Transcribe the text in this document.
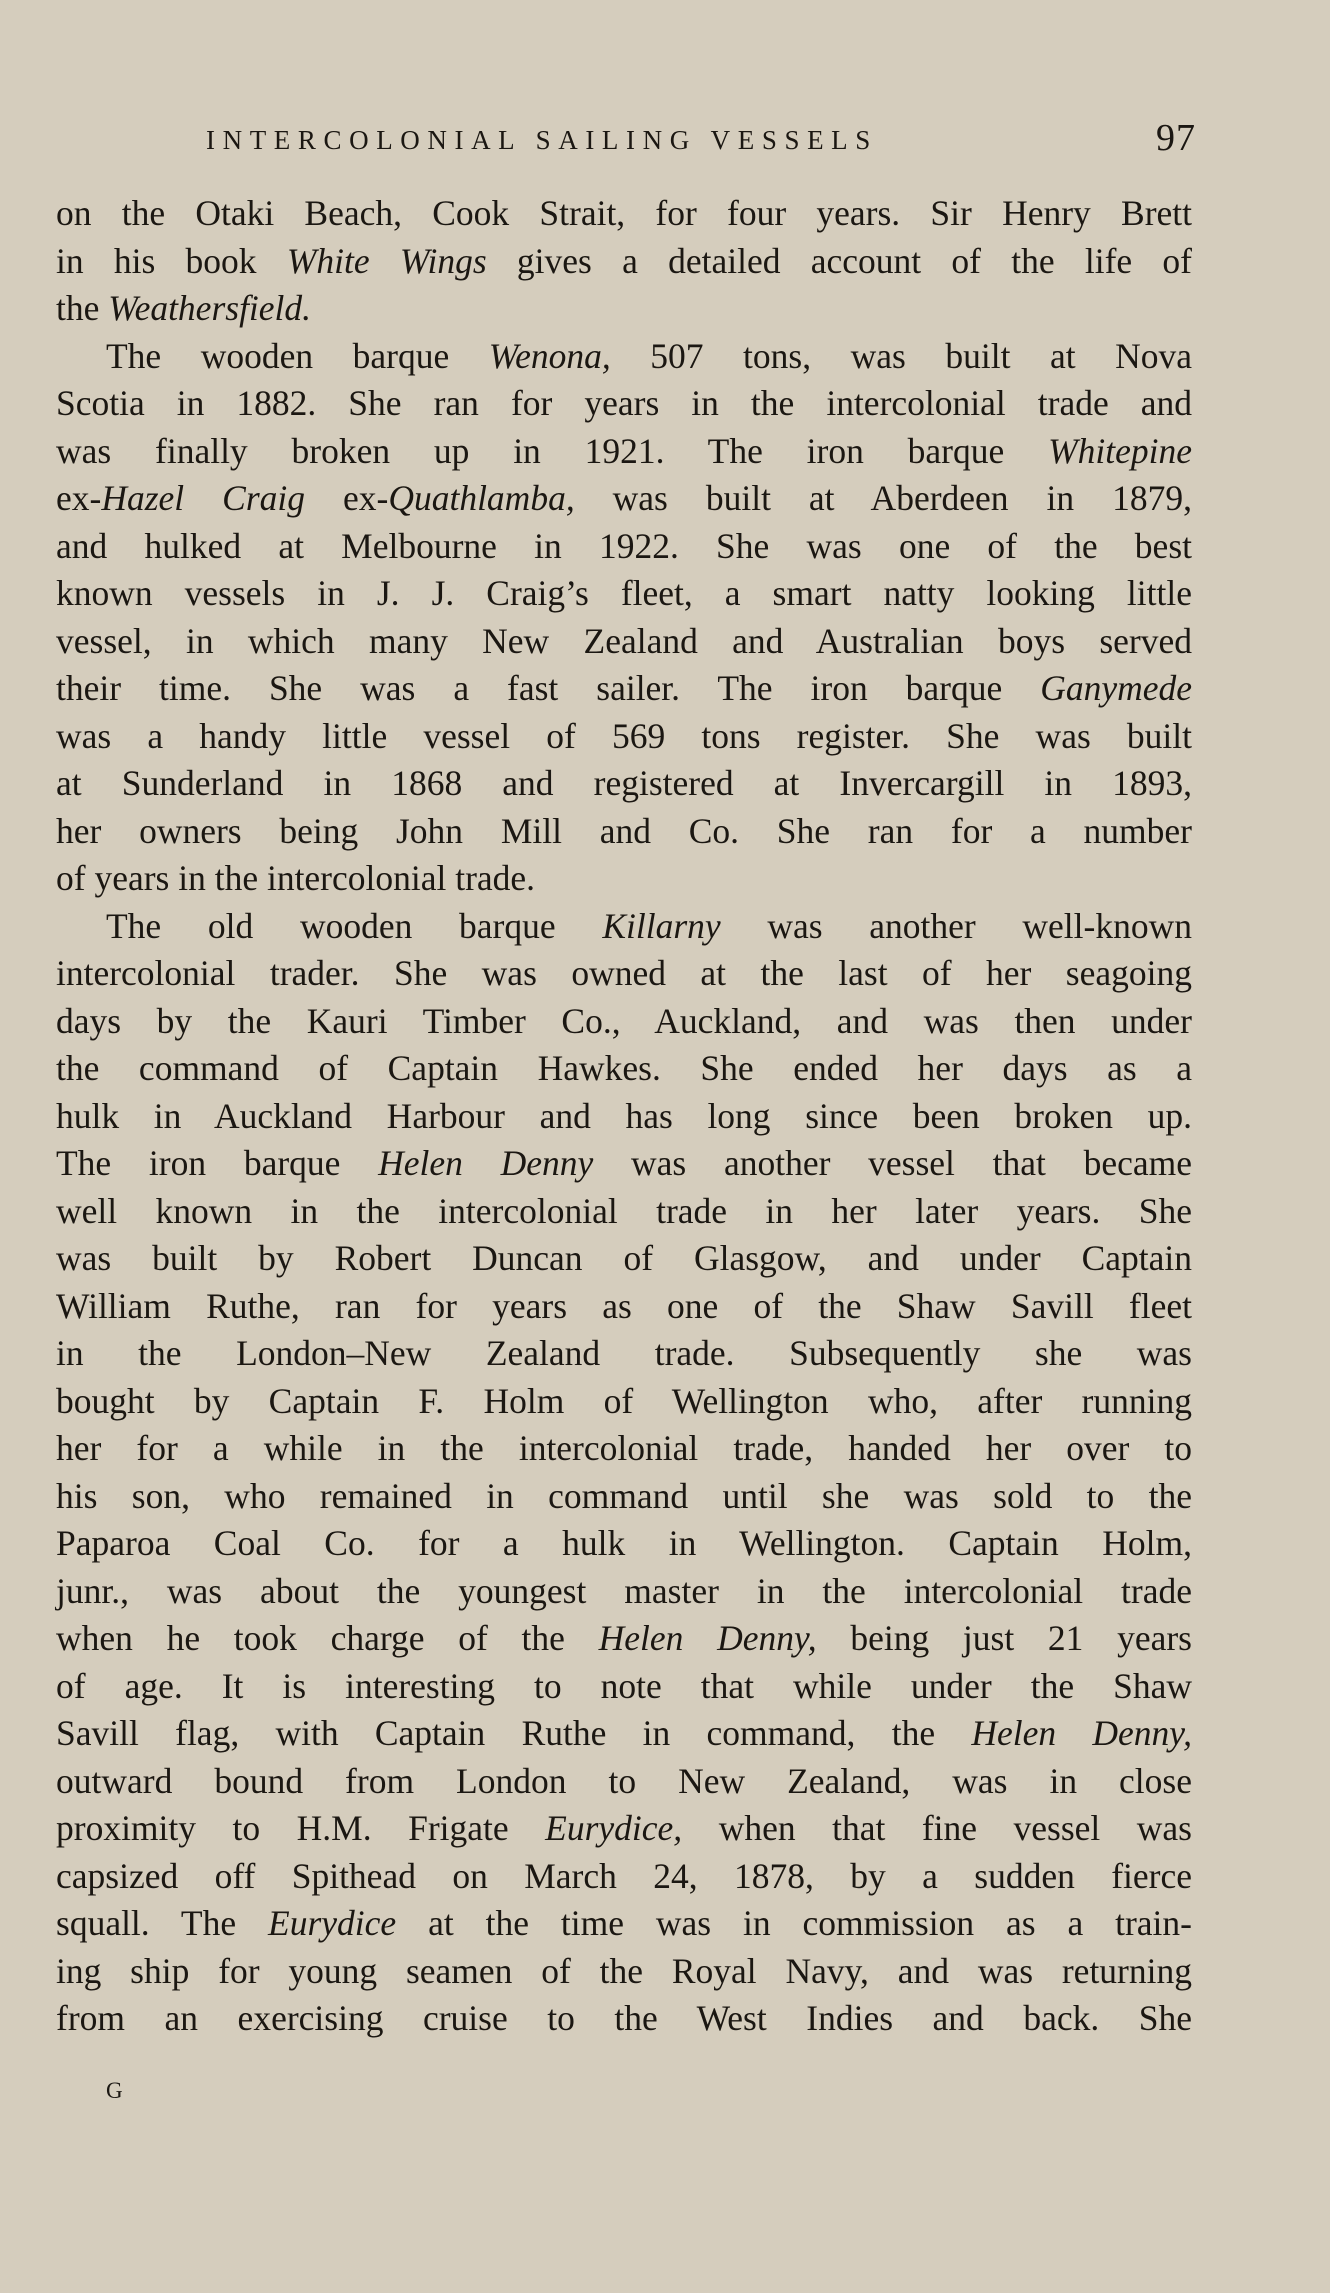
INTERCOLONIAL SAILING VESSELS	97
on the Otaki Beach, Cook Strait, for four years. Sir Henry Brett
in his book White Wings gives a detailed account of the life of
the Weathersfield.
The wooden barque Wenona, 507 tons, was built at Nova
Scotia in 1882. She ran for years in the intercolonial trade and
was finally broken up in 1921. The iron barque Whitepine
ex-Hazel Craig ex-Quathlamba, was built at Aberdeen in 1879,
and hulked at Melbourne in 1922. She was one of the best
known vessels in J. J. Craig’s fleet, a smart natty looking little
vessel, in which many New Zealand and Australian boys served
their time. She was a fast sailer. The iron barque Ganymede
was a handy little vessel of 569 tons register. She was built
at Sunderland in 1868 and registered at Invercargill in 1893,
her owners being John Mill and Co. She ran for a number
of years in the intercolonial trade.
The old wooden barque Killarny was another well-known
intercolonial trader. She was owned at the last of her seagoing
days by the Kauri Timber Co., Auckland, and was then under
the command of Captain Hawkes. She ended her days as a
hulk in Auckland Harbour and has long since been broken up.
The iron barque Helen Denny was another vessel that became
well known in the intercolonial trade in her later years. She
was built by Robert Duncan of Glasgow, and under Captain
William Ruthe, ran for years as one of the Shaw Savill fleet
in the London–New Zealand trade. Subsequently she was
bought by Captain F. Holm of Wellington who, after running
her for a while in the intercolonial trade, handed her over to
his son, who remained in command until she was sold to the
Paparoa Coal Co. for a hulk in Wellington. Captain Holm,
junr., was about the youngest master in the intercolonial trade
when he took charge of the Helen Denny, being just 21 years
of age. It is interesting to note that while under the Shaw
Savill flag, with Captain Ruthe in command, the Helen Denny,
outward bound from London to New Zealand, was in close
proximity to H.M. Frigate Eurydice, when that fine vessel was
capsized off Spithead on March 24, 1878, by a sudden fierce
squall. The Eurydice at the time was in commission as a train-
ing ship for young seamen of the Royal Navy, and was returning
from an exercising cruise to the West Indies and back. She
G
